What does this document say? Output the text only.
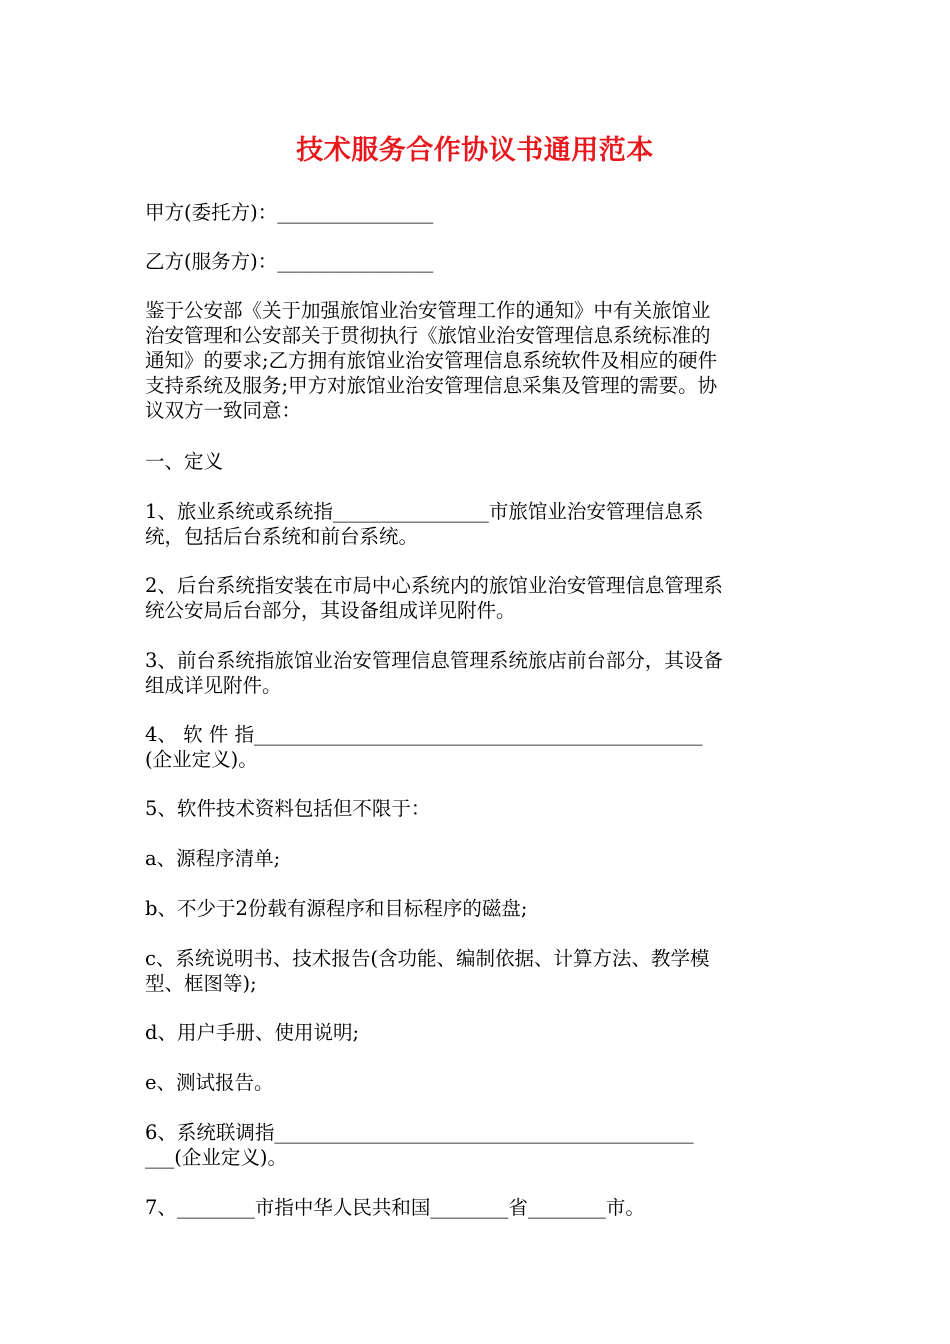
技术服务合作协议书通用范本
甲方(委托方)：________________
乙方(服务方)：________________
鉴于公安部《关于加强旅馆业治安管理工作的通知》中有关旅馆业
治安管理和公安部关于贯彻执行《旅馆业治安管理信息系统标准的
通知》的要求;乙方拥有旅馆业治安管理信息系统软件及相应的硬件
支持系统及服务;甲方对旅馆业治安管理信息采集及管理的需要。协
议双方一致同意：
一、定义
1、旅业系统或系统指________________市旅馆业治安管理信息系
统，包括后台系统和前台系统。
2、后台系统指安装在市局中心系统内的旅馆业治安管理信息管理系
统公安局后台部分，其设备组成详见附件。
3、前台系统指旅馆业治安管理信息管理系统旅店前台部分，其设备
组成详见附件。
4、 软 件 指______________________________________________
(企业定义)。
5、软件技术资料包括但不限于：
a、源程序清单;
b、不少于2份载有源程序和目标程序的磁盘;
c、系统说明书、技术报告(含功能、编制依据、计算方法、教学模
型、框图等);
d、用户手册、使用说明;
e、测试报告。
6、系统联调指___________________________________________
___(企业定义)。
7、________市指中华人民共和国________省________市。
